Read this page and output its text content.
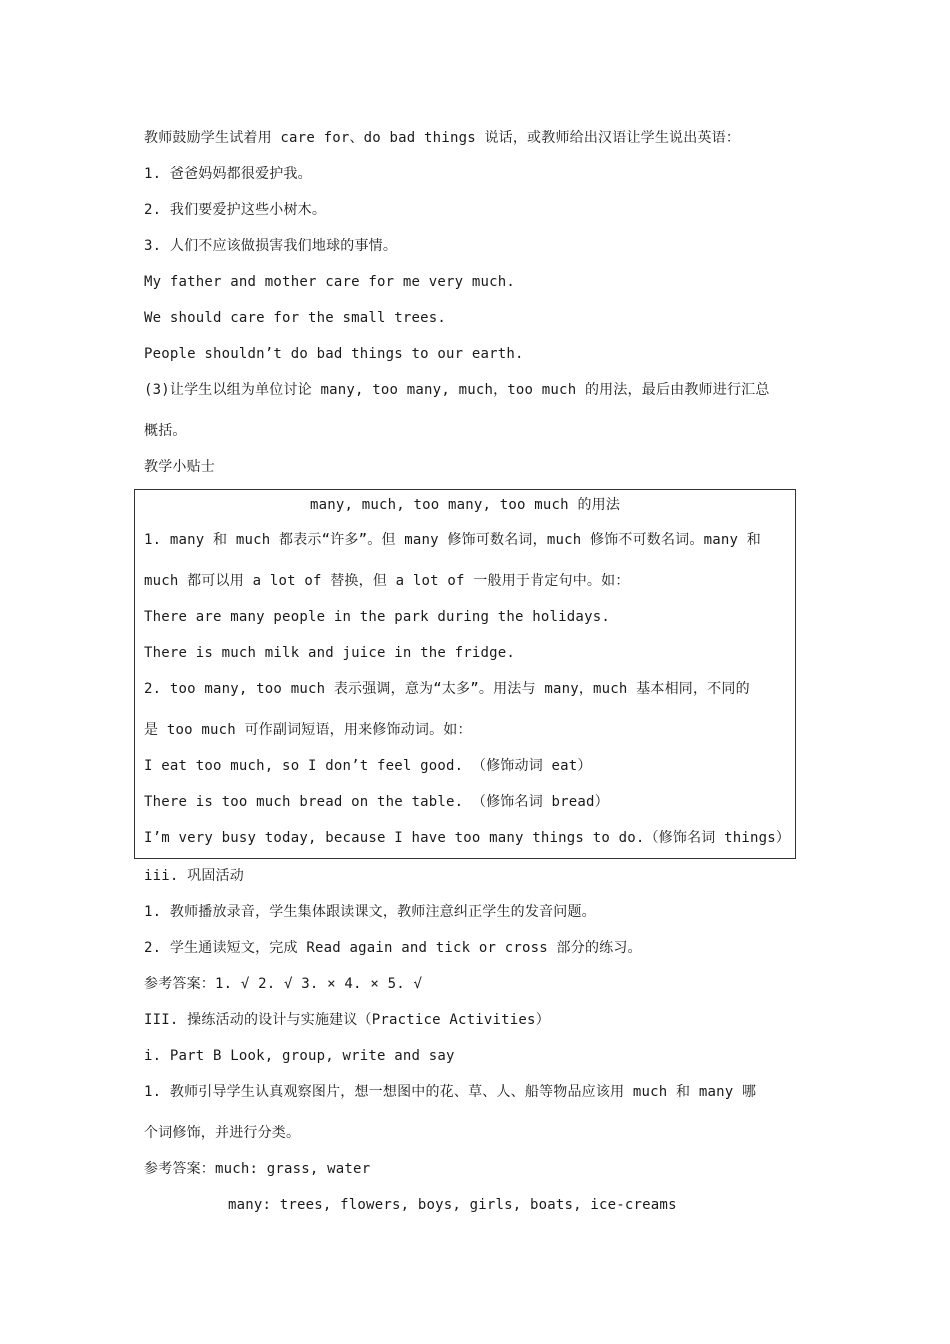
教师鼓励学生试着用 care for、do bad things 说话，或教师给出汉语让学生说出英语：
1. 爸爸妈妈都很爱护我。
2. 我们要爱护这些小树木。
3. 人们不应该做损害我们地球的事情。
My father and mother care for me very much.
We should care for the small trees.
People shouldn’t do bad things to our earth.
(3)让学生以组为单位讨论 many, too many, much，too much 的用法，最后由教师进行汇总
概括。
教学小贴士
many, much, too many, too much 的用法
1. many 和 much 都表示“许多”。但 many 修饰可数名词，much 修饰不可数名词。many 和
much 都可以用 a lot of 替换，但 a lot of 一般用于肯定句中。如：
There are many people in the park during the holidays.
There is much milk and juice in the fridge.
2. too many, too much 表示强调，意为“太多”。用法与 many，much 基本相同，不同的
是 too much 可作副词短语，用来修饰动词。如：
I eat too much, so I don’t feel good. （修饰动词 eat）
There is too much bread on the table. （修饰名词 bread）
I’m very busy today, because I have too many things to do.（修饰名词 things）
iii. 巩固活动
1. 教师播放录音，学生集体跟读课文，教师注意纠正学生的发音问题。
2. 学生通读短文，完成 Read again and tick or cross 部分的练习。
参考答案：1. √ 2. √ 3. × 4. × 5. √
III. 操练活动的设计与实施建议（Practice Activities）
i. Part B Look, group, write and say
1. 教师引导学生认真观察图片，想一想图中的花、草、人、船等物品应该用 much 和 many 哪
个词修饰，并进行分类。
参考答案：much: grass, water
many: trees, flowers, boys, girls, boats, ice-creams
